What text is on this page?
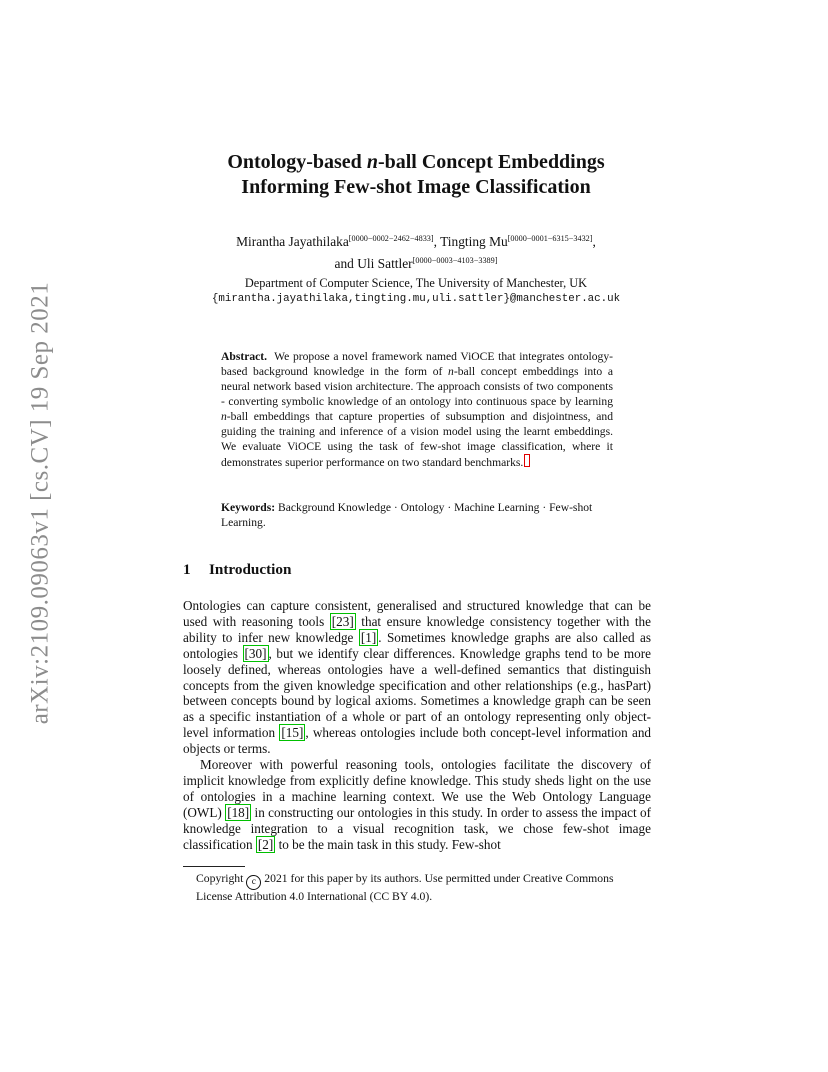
arXiv:2109.09063v1 [cs.CV] 19 Sep 2021
Ontology-based n-ball Concept Embeddings
Informing Few-shot Image Classification
Mirantha Jayathilaka[0000−0002−2462−4833], Tingting Mu[0000−0001−6315−3432],
and Uli Sattler[0000−0003−4103−3389]
Department of Computer Science, The University of Manchester, UK
{mirantha.jayathilaka,tingting.mu,uli.sattler}@manchester.ac.uk
Abstract. We propose a novel framework named ViOCE that integrates ontology-based background knowledge in the form of n-ball concept embeddings into a neural network based vision architecture. The approach consists of two components - converting symbolic knowledge of an ontology into continuous space by learning n-ball embeddings that capture properties of subsumption and disjointness, and guiding the training and inference of a vision model using the learnt embeddings. We evaluate ViOCE using the task of few-shot image classification, where it demonstrates superior performance on two standard benchmarks.
Keywords: Background Knowledge · Ontology · Machine Learning · Few-shot Learning.
1 Introduction

Ontologies can capture consistent, generalised and structured knowledge that can be used with reasoning tools [23] that ensure knowledge consistency together with the ability to infer new knowledge [1] . Sometimes knowledge graphs are also called as ontologies [30] , but we identify clear differences. Knowledge graphs tend to be more loosely defined, whereas ontologies have a well-defined semantics that distinguish concepts from the given knowledge specification and other relationships (e.g., hasPart) between concepts bound by logical axioms. Sometimes a knowledge graph can be seen as a specific instantiation of a whole or part of an ontology representing only object-level information [15] , whereas ontologies include both concept-level information and objects or terms.

Moreover with powerful reasoning tools, ontologies facilitate the discovery of implicit knowledge from explicitly define knowledge. This study sheds light on the use of ontologies in a machine learning context. We use the Web Ontology Language (OWL) [18] in constructing our ontologies in this study. In order to assess the impact of knowledge integration to a visual recognition task, we chose few-shot image classification [2] to be the main task in this study. Few-shot

Copyright c 2021 for this paper by its authors. Use permitted under Creative Commons License Attribution 4.0 International (CC BY 4.0).
